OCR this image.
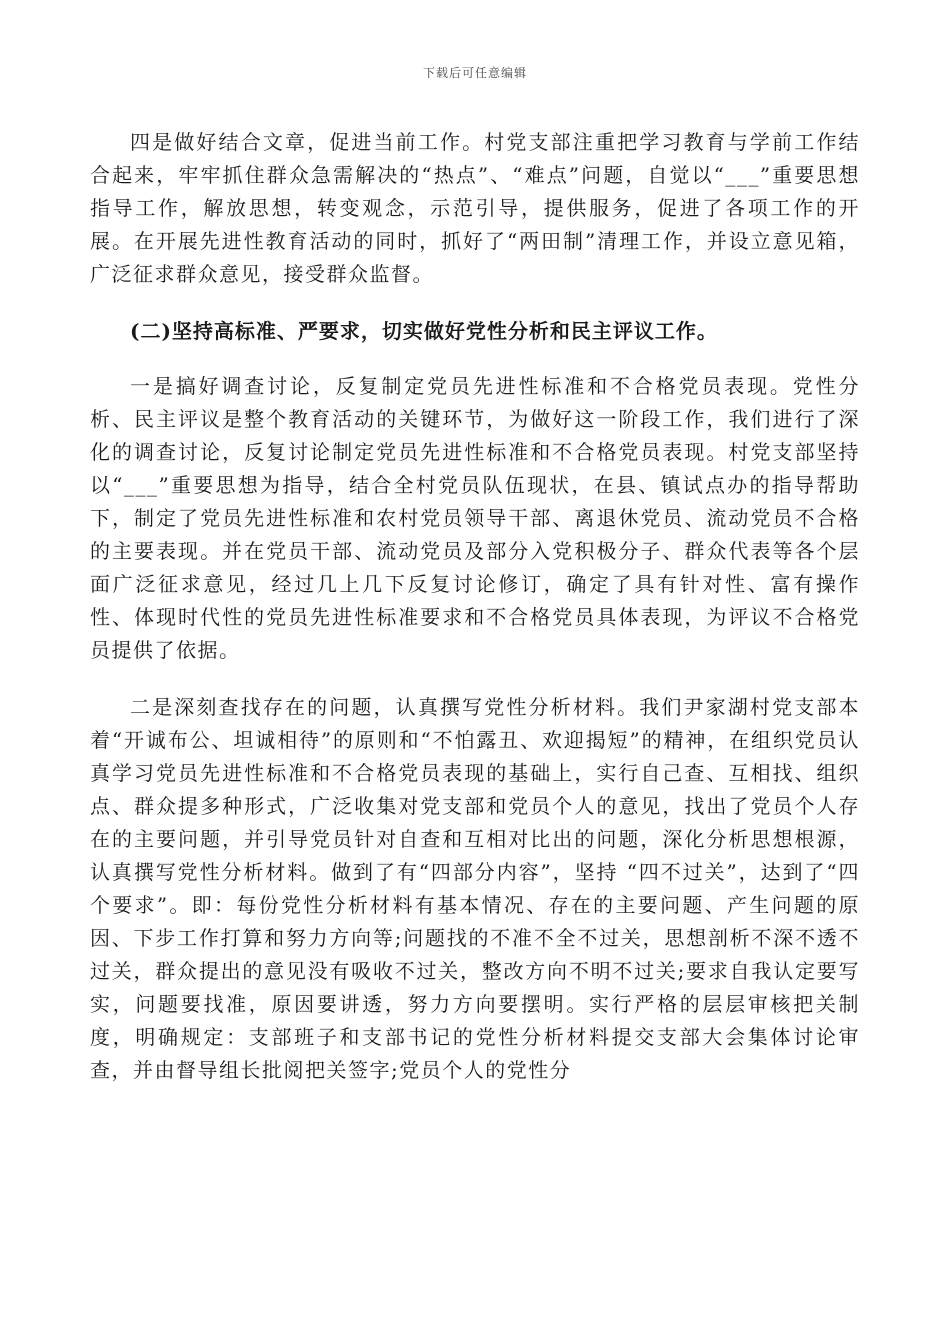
下载后可任意编辑

四是做好结合文章，促进当前工作。村党支部注重把学习教育与学前工作结合起来，牢牢抓住群众急需解决的“热点”、“难点”问题，自觉以“___”重要思想指导工作，解放思想，转变观念，示范引导，提供服务，促进了各项工作的开展。在开展先进性教育活动的同时，抓好了“两田制”清理工作，并设立意见箱，广泛征求群众意见，接受群众监督。

(二)坚持高标准、严要求，切实做好党性分析和民主评议工作。

一是搞好调查讨论，反复制定党员先进性标准和不合格党员表现。党性分析、民主评议是整个教育活动的关键环节，为做好这一阶段工作，我们进行了深化的调查讨论，反复讨论制定党员先进性标准和不合格党员表现。村党支部坚持以“___”重要思想为指导，结合全村党员队伍现状，在县、镇试点办的指导帮助下，制定了党员先进性标准和农村党员领导干部、离退休党员、流动党员不合格的主要表现。并在党员干部、流动党员及部分入党积极分子、群众代表等各个层面广泛征求意见，经过几上几下反复讨论修订，确定了具有针对性、富有操作性、体现时代性的党员先进性标准要求和不合格党员具体表现，为评议不合格党员提供了依据。

二是深刻查找存在的问题，认真撰写党性分析材料。我们尹家湖村党支部本着“开诚布公、坦诚相待”的原则和“不怕露丑、欢迎揭短”的精神，在组织党员认真学习党员先进性标准和不合格党员表现的基础上，实行自己查、互相找、组织点、群众提多种形式，广泛收集对党支部和党员个人的意见，找出了党员个人存在的主要问题，并引导党员针对自查和互相对比出的问题，深化分析思想根源，认真撰写党性分析材料。做到了有“四部分内容”，坚持 “四不过关”，达到了“四个要求”。即：每份党性分析材料有基本情况、存在的主要问题、产生问题的原因、下步工作打算和努力方向等;问题找的不准不全不过关，思想剖析不深不透不过关，群众提出的意见没有吸收不过关，整改方向不明不过关;要求自我认定要写实，问题要找准，原因要讲透，努力方向要摆明。实行严格的层层审核把关制度，明确规定：支部班子和支部书记的党性分析材料提交支部大会集体讨论审查，并由督导组长批阅把关签字;党员个人的党性分
